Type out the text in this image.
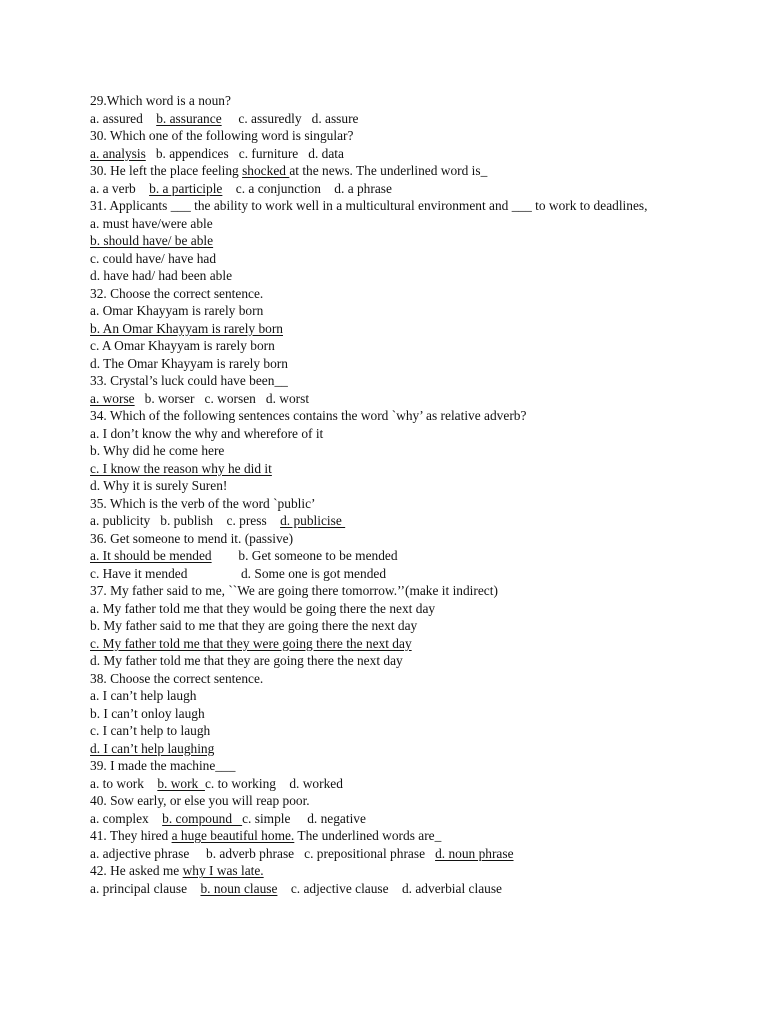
29.Which word is a noun?
a. assured    b. assurance     c. assuredly   d. assure
30. Which one of the following word is singular?
a. analysis   b. appendices   c. furniture   d. data
30. He left the place feeling shocked at the news. The underlined word is_
a. a verb    b. a participle    c. a conjunction    d. a phrase
31. Applicants ___ the ability to work well in a multicultural environment and ___ to work to deadlines,
a. must have/were able
b. should have/ be able
c. could have/ have had
d. have had/ had been able
32. Choose the correct sentence.
a. Omar Khayyam is rarely born
b. An Omar Khayyam is rarely born
c. A Omar Khayyam is rarely born
d. The Omar Khayyam is rarely born
33. Crystal’s luck could have been__
a. worse   b. worser   c. worsen   d. worst
34. Which of the following sentences contains the word `why’ as relative adverb?
a. I don’t know the why and wherefore of it
b. Why did he come here
c. I know the reason why he did it
d. Why it is surely Suren!
35. Which is the verb of the word `public’
a. publicity   b. publish    c. press    d. publicise
36. Get someone to mend it. (passive)
a. It should be mended        b. Get someone to be mended
c. Have it mended                d. Some one is got mended
37. My father said to me, ``We are going there tomorrow.’’(make it indirect)
a. My father told me that they would be going there the next day
b. My father said to me that they are going there the next day
c. My father told me that they were going there the next day
d. My father told me that they are going there the next day
38. Choose the correct sentence.
a. I can’t help laugh
b. I can’t onloy laugh
c. I can’t help to laugh
d. I can’t help laughing
39. I made the machine___
a. to work    b. work  c. to working    d. worked
40. Sow early, or else you will reap poor.
a. complex    b. compound   c. simple     d. negative
41. They hired a huge beautiful home. The underlined words are_
a. adjective phrase     b. adverb phrase   c. prepositional phrase   d. noun phrase
42. He asked me why I was late.
a. principal clause    b. noun clause    c. adjective clause    d. adverbial clause
